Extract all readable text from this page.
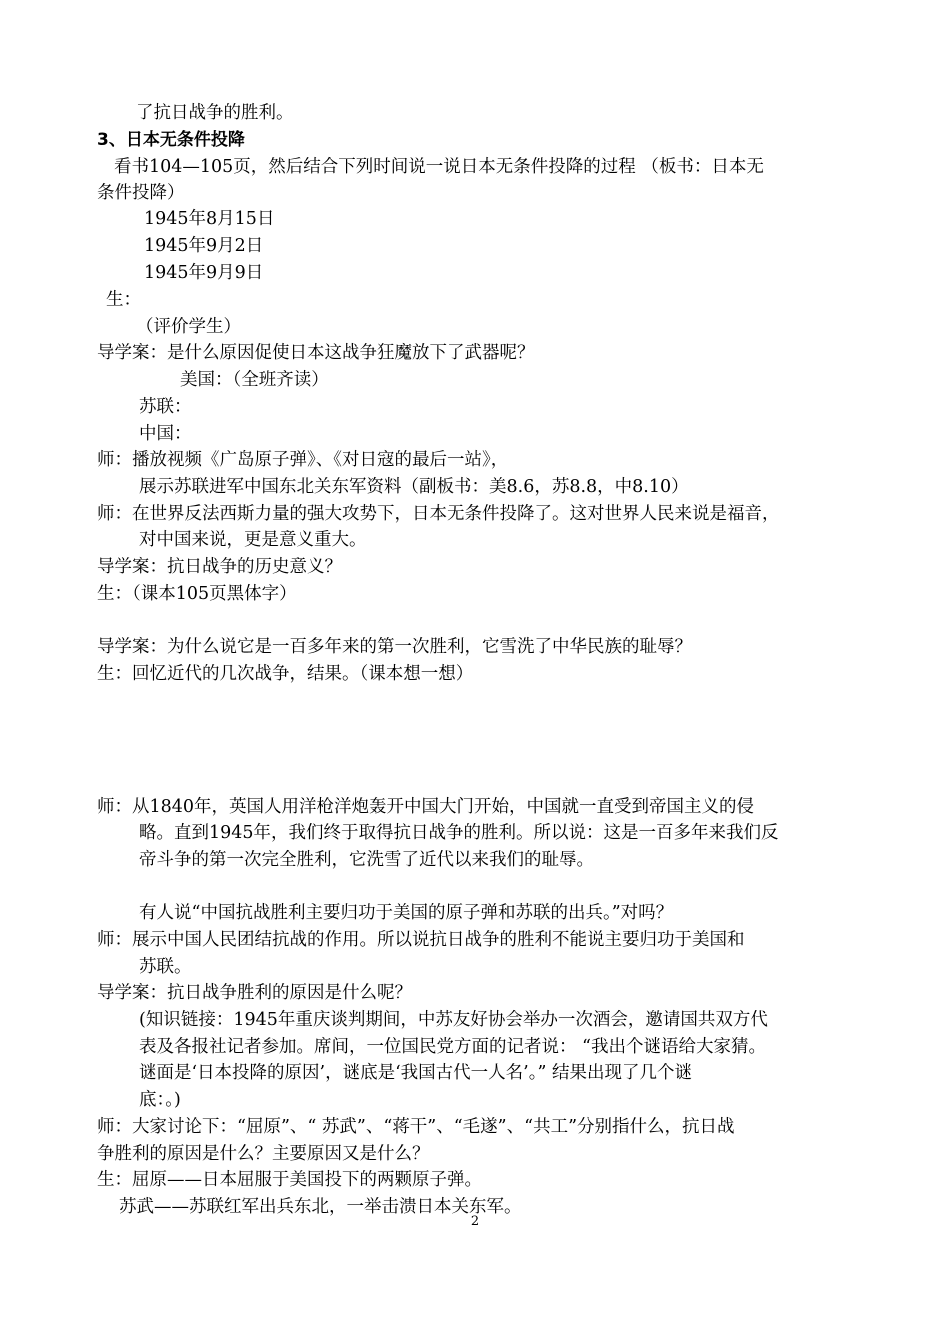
了抗日战争的胜利。
3、日本无条件投降
看书104—105页，然后结合下列时间说一说日本无条件投降的过程 （板书：日本无
条件投降）
1945年8月15日
1945年9月2日
1945年9月9日
生：
（评价学生）
导学案：是什么原因促使日本这战争狂魔放下了武器呢？
美国：（全班齐读）
苏联：
中国：
师：播放视频《广岛原子弹》、《对日寇的最后一站》，
展示苏联进军中国东北关东军资料（副板书：美8.6，苏8.8，中8.10）
师：在世界反法西斯力量的强大攻势下，日本无条件投降了。这对世界人民来说是福音，
对中国来说，更是意义重大。
导学案：抗日战争的历史意义？
生：（课本105页黑体字）
导学案：为什么说它是一百多年来的第一次胜利，它雪洗了中华民族的耻辱？
生：回忆近代的几次战争，结果。（课本想一想）
师：从1840年，英国人用洋枪洋炮轰开中国大门开始，中国就一直受到帝国主义的侵
略。直到1945年，我们终于取得抗日战争的胜利。所以说：这是一百多年来我们反
帝斗争的第一次完全胜利，它洗雪了近代以来我们的耻辱。
有人说“中国抗战胜利主要归功于美国的原子弹和苏联的出兵。”对吗？
师：展示中国人民团结抗战的作用。所以说抗日战争的胜利不能说主要归功于美国和
苏联。
导学案：抗日战争胜利的原因是什么呢？
(知识链接：1945年重庆谈判期间，中苏友好协会举办一次酒会，邀请国共双方代
表及各报社记者参加。席间，一位国民党方面的记者说： “我出个谜语给大家猜。
谜面是‘日本投降的原因’，谜底是‘我国古代一人名’。” 结果出现了几个谜
底：。)
师：大家讨论下：“屈原”、“ 苏武”、“蒋干”、“毛遂”、“共工”分别指什么，抗日战
争胜利的原因是什么？主要原因又是什么？
生：屈原——日本屈服于美国投下的两颗原子弹。
苏武——苏联红军出兵东北，一举击溃日本关东军。
2
